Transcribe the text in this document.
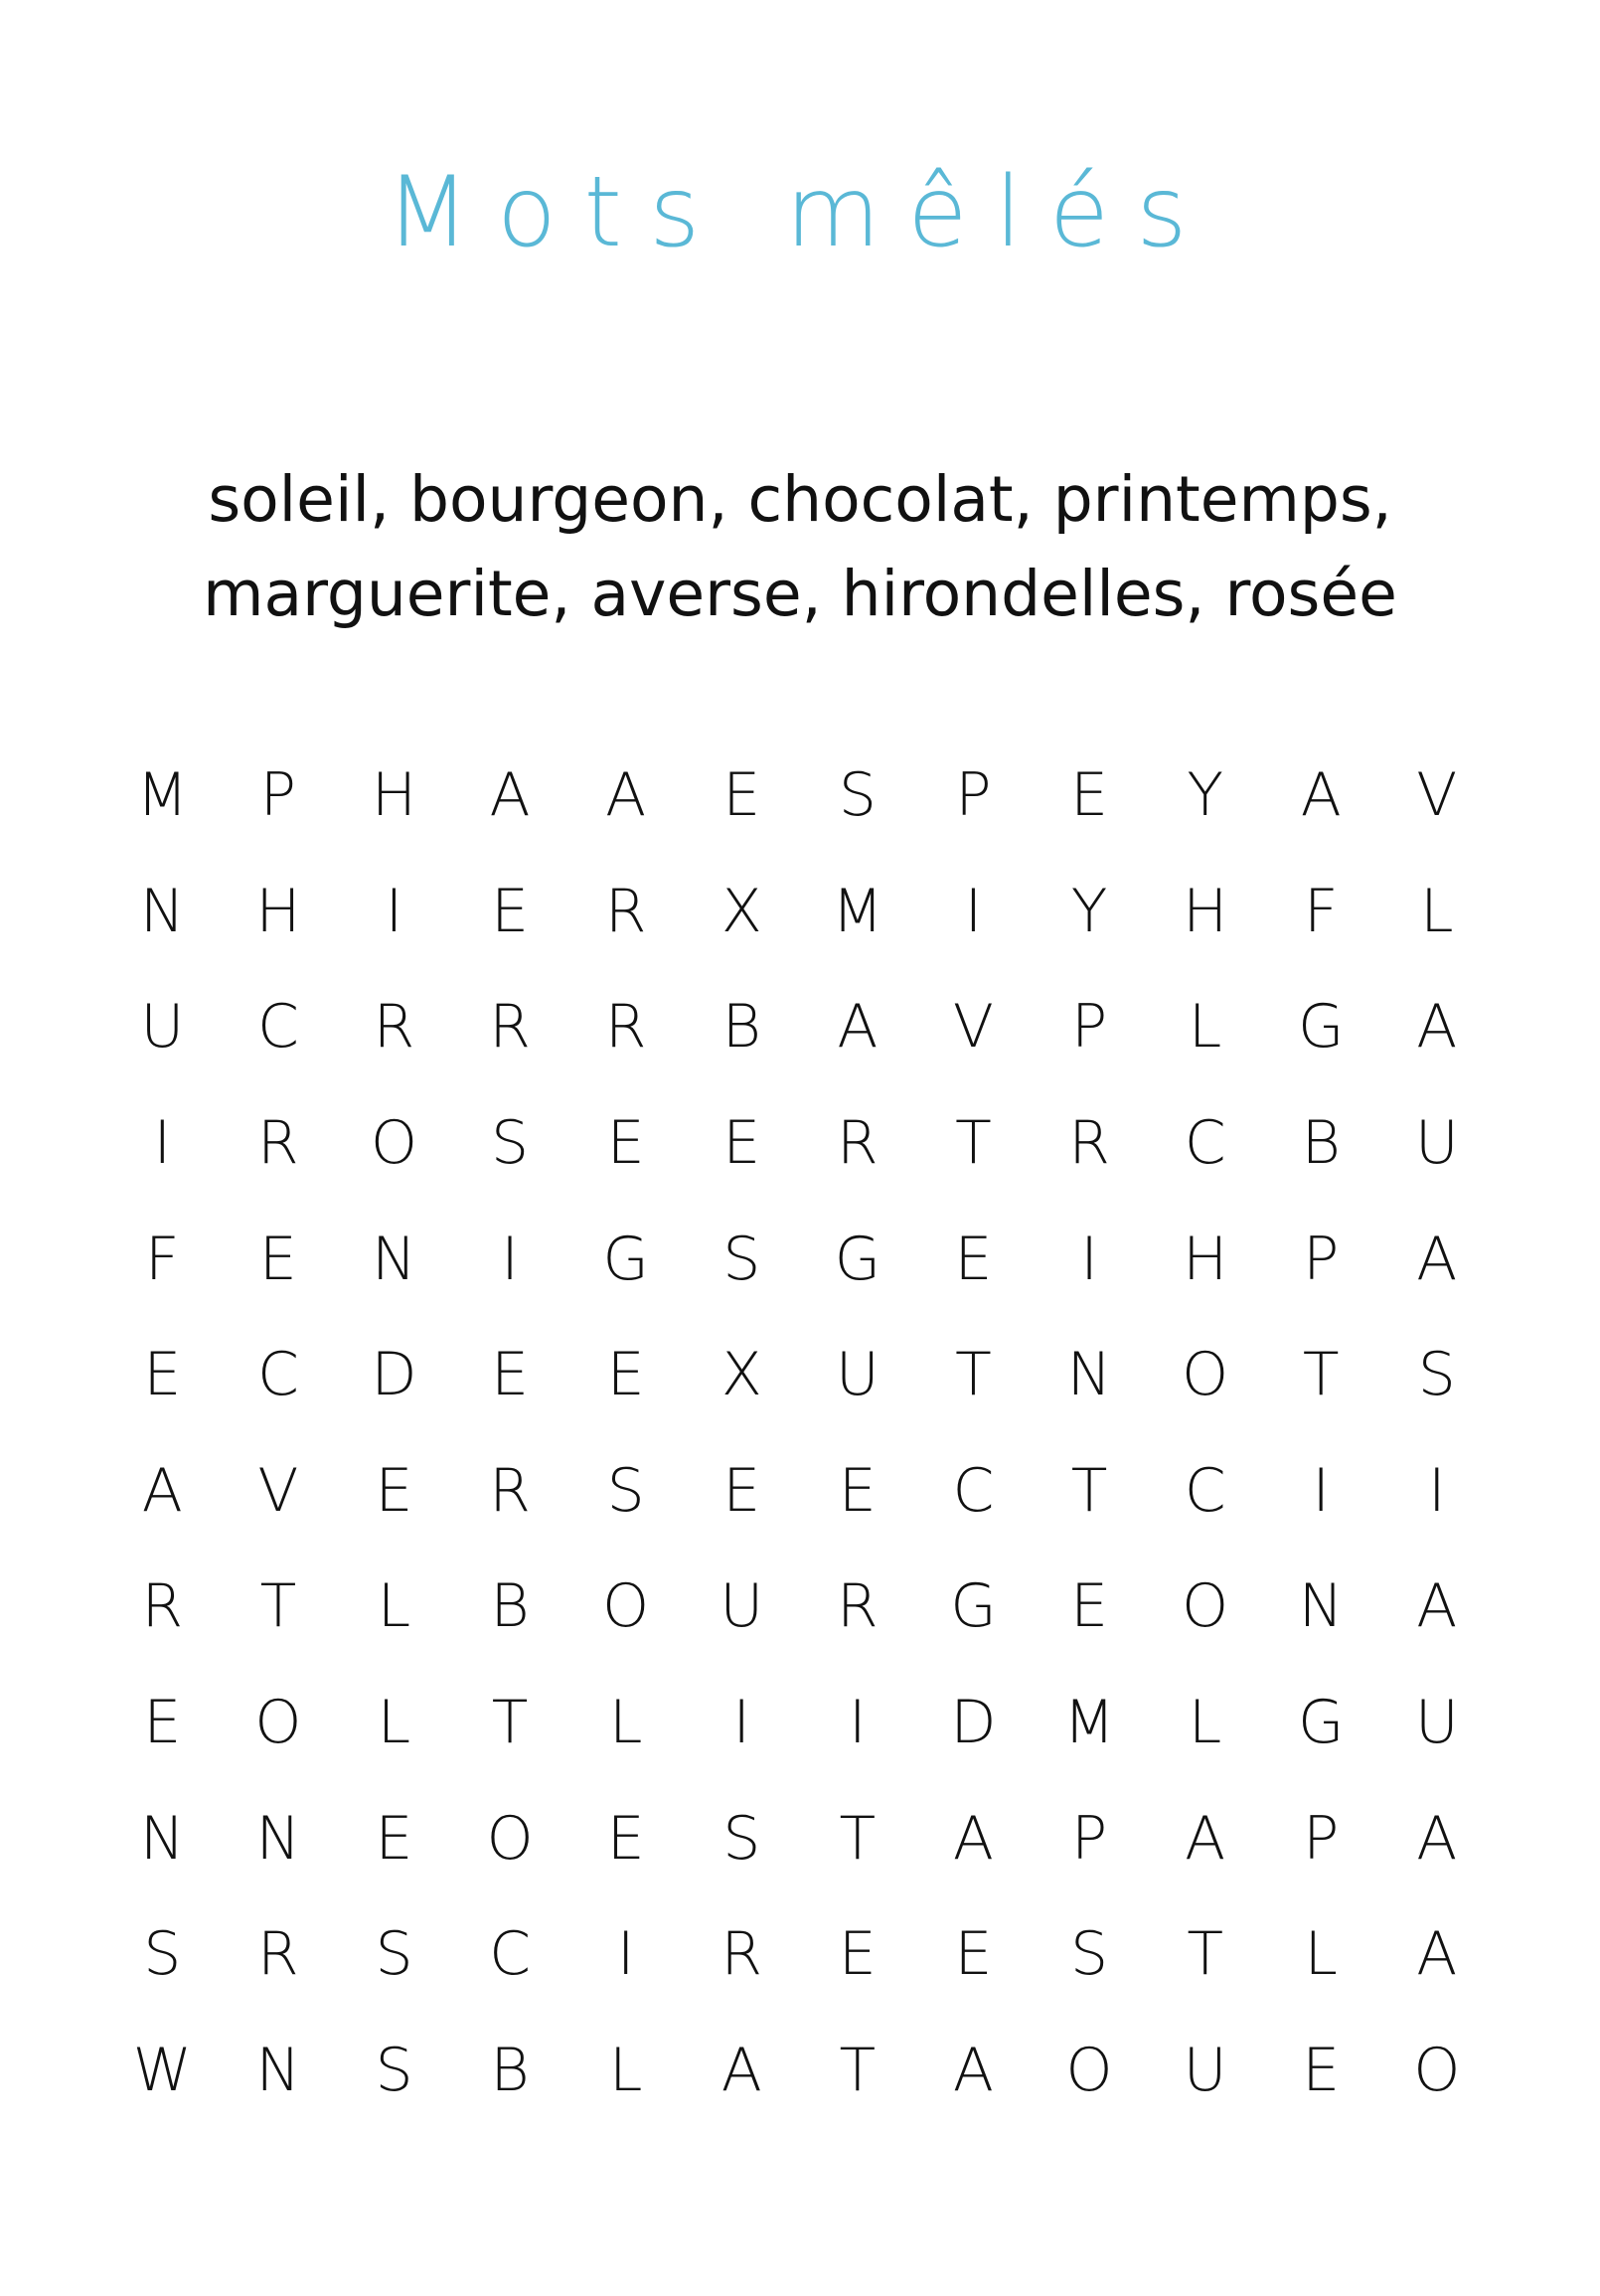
Mots mêlés
soleil, bourgeon, chocolat, printemps,
marguerite, averse, hirondelles, rosée
M	P	H	A	A	E	S	P	E	Y	A	V
N	H	I	E	R	X	M	I	Y	H	F	L
U	C	R	R	R	B	A	V	P	L	G	A
I	R	O	S	E	E	R	T	R	C	B	U
F	E	N	I	G	S	G	E	I	H	P	A
E	C	D	E	E	X	U	T	N	O	T	S
A	V	E	R	S	E	E	C	T	C	I	I
R	T	L	B	O	U	R	G	E	O	N	A
E	O	L	T	L	I	I	D	M	L	G	U
N	N	E	O	E	S	T	A	P	A	P	A
S	R	S	C	I	R	E	E	S	T	L	A
W	N	S	B	L	A	T	A	O	U	E	O
